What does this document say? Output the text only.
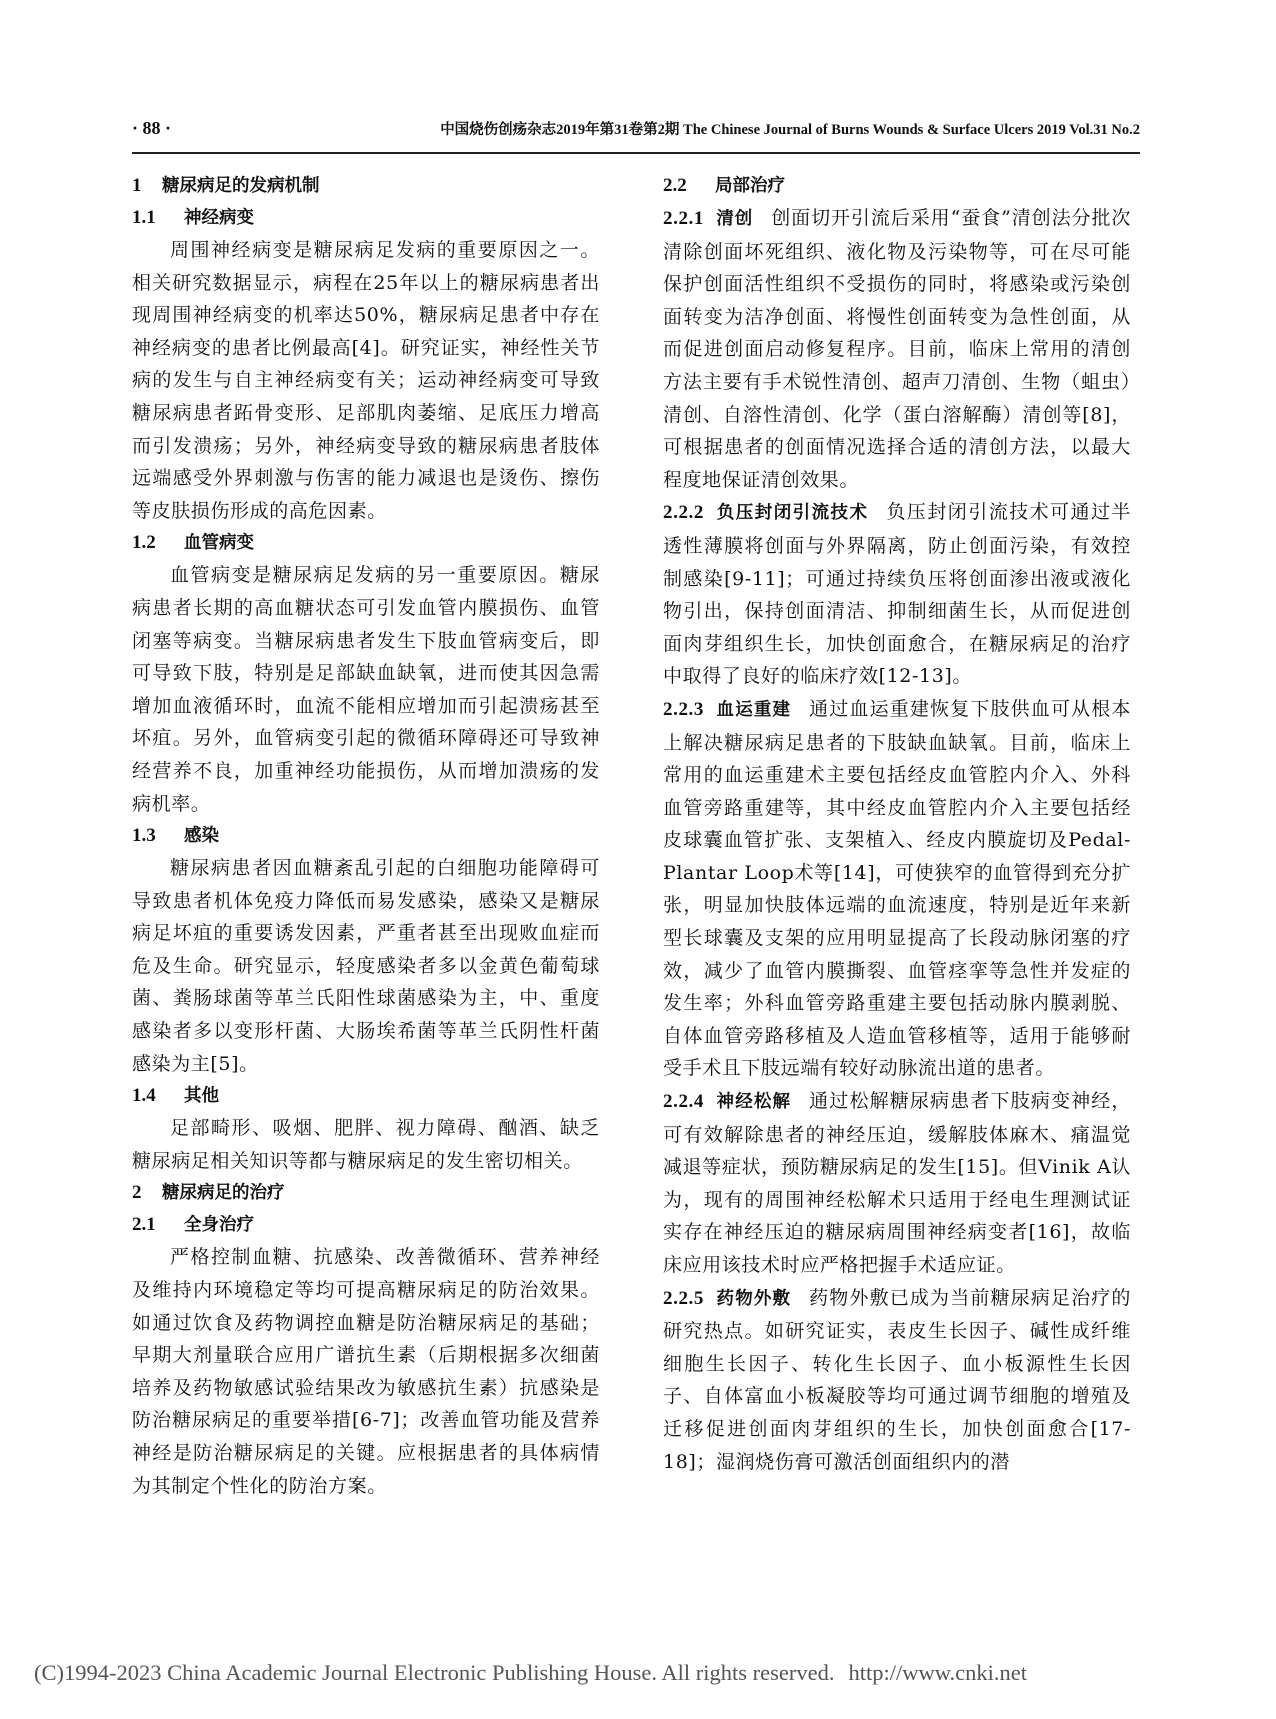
· 88 ·	中国烧伤创疡杂志2019年第31卷第2期 The Chinese Journal of Burns Wounds & Surface Ulcers 2019 Vol.31 No.2
1 糖尿病足的发病机制
1.1 神经病变

周围神经病变是糖尿病足发病的重要原因之一。相关研究数据显示，病程在25年以上的糖尿病患者出现周围神经病变的机率达50%，糖尿病足患者中存在神经病变的患者比例最高[4]。研究证实，神经性关节病的发生与自主神经病变有关；运动神经病变可导致糖尿病患者跖骨变形、足部肌肉萎缩、足底压力增高而引发溃疡；另外，神经病变导致的糖尿病患者肢体远端感受外界刺激与伤害的能力减退也是烫伤、擦伤等皮肤损伤形成的高危因素。

1.2 血管病变

血管病变是糖尿病足发病的另一重要原因。糖尿病患者长期的高血糖状态可引发血管内膜损伤、血管闭塞等病变。当糖尿病患者发生下肢血管病变后，即可导致下肢，特别是足部缺血缺氧，进而使其因急需增加血液循环时，血流不能相应增加而引起溃疡甚至坏疽。另外，血管病变引起的微循环障碍还可导致神经营养不良，加重神经功能损伤，从而增加溃疡的发病机率。

1.3 感染

糖尿病患者因血糖紊乱引起的白细胞功能障碍可导致患者机体免疫力降低而易发感染，感染又是糖尿病足坏疽的重要诱发因素，严重者甚至出现败血症而危及生命。研究显示，轻度感染者多以金黄色葡萄球菌、粪肠球菌等革兰氏阳性球菌感染为主，中、重度感染者多以变形杆菌、大肠埃希菌等革兰氏阴性杆菌感染为主[5]。

1.4 其他

足部畸形、吸烟、肥胖、视力障碍、酗酒、缺乏糖尿病足相关知识等都与糖尿病足的发生密切相关。

2 糖尿病足的治疗
2.1 全身治疗

严格控制血糖、抗感染、改善微循环、营养神经及维持内环境稳定等均可提高糖尿病足的防治效果。如通过饮食及药物调控血糖是防治糖尿病足的基础；早期大剂量联合应用广谱抗生素（后期根据多次细菌培养及药物敏感试验结果改为敏感抗生素）抗感染是防治糖尿病足的重要举措[6-7]；改善血管功能及营养神经是防治糖尿病足的关键。应根据患者的具体病情为其制定个性化的防治方案。

2.2 局部治疗

2.2.1 清创 创面切开引流后采用“蚕食”清创法分批次清除创面坏死组织、液化物及污染物等，可在尽可能保护创面活性组织不受损伤的同时，将感染或污染创面转变为洁净创面、将慢性创面转变为急性创面，从而促进创面启动修复程序。目前，临床上常用的清创方法主要有手术锐性清创、超声刀清创、生物（蛆虫）清创、自溶性清创、化学（蛋白溶解酶）清创等[8]，可根据患者的创面情况选择合适的清创方法，以最大程度地保证清创效果。

2.2.2 负压封闭引流技术 负压封闭引流技术可通过半透性薄膜将创面与外界隔离，防止创面污染，有效控制感染[9-11]；可通过持续负压将创面渗出液或液化物引出，保持创面清洁、抑制细菌生长，从而促进创面肉芽组织生长，加快创面愈合，在糖尿病足的治疗中取得了良好的临床疗效[12-13]。

2.2.3 血运重建 通过血运重建恢复下肢供血可从根本上解决糖尿病足患者的下肢缺血缺氧。目前，临床上常用的血运重建术主要包括经皮血管腔内介入、外科血管旁路重建等，其中经皮血管腔内介入主要包括经皮球囊血管扩张、支架植入、经皮内膜旋切及Pedal-Plantar Loop术等[14]，可使狭窄的血管得到充分扩张，明显加快肢体远端的血流速度，特别是近年来新型长球囊及支架的应用明显提高了长段动脉闭塞的疗效，减少了血管内膜撕裂、血管痉挛等急性并发症的发生率；外科血管旁路重建主要包括动脉内膜剥脱、自体血管旁路移植及人造血管移植等，适用于能够耐受手术且下肢远端有较好动脉流出道的患者。

2.2.4 神经松解 通过松解糖尿病患者下肢病变神经，可有效解除患者的神经压迫，缓解肢体麻木、痛温觉减退等症状，预防糖尿病足的发生[15]。但Vinik A认为，现有的周围神经松解术只适用于经电生理测试证实存在神经压迫的糖尿病周围神经病变者[16]，故临床应用该技术时应严格把握手术适应证。

2.2.5 药物外敷 药物外敷已成为当前糖尿病足治疗的研究热点。如研究证实，表皮生长因子、碱性成纤维细胞生长因子、转化生长因子、血小板源性生长因子、自体富血小板凝胶等均可通过调节细胞的增殖及迁移促进创面肉芽组织的生长，加快创面愈合[17-18]；湿润烧伤膏可激活创面组织内的潜

(C)1994-2023 China Academic Journal Electronic Publishing House. All rights reserved. http://www.cnki.net
